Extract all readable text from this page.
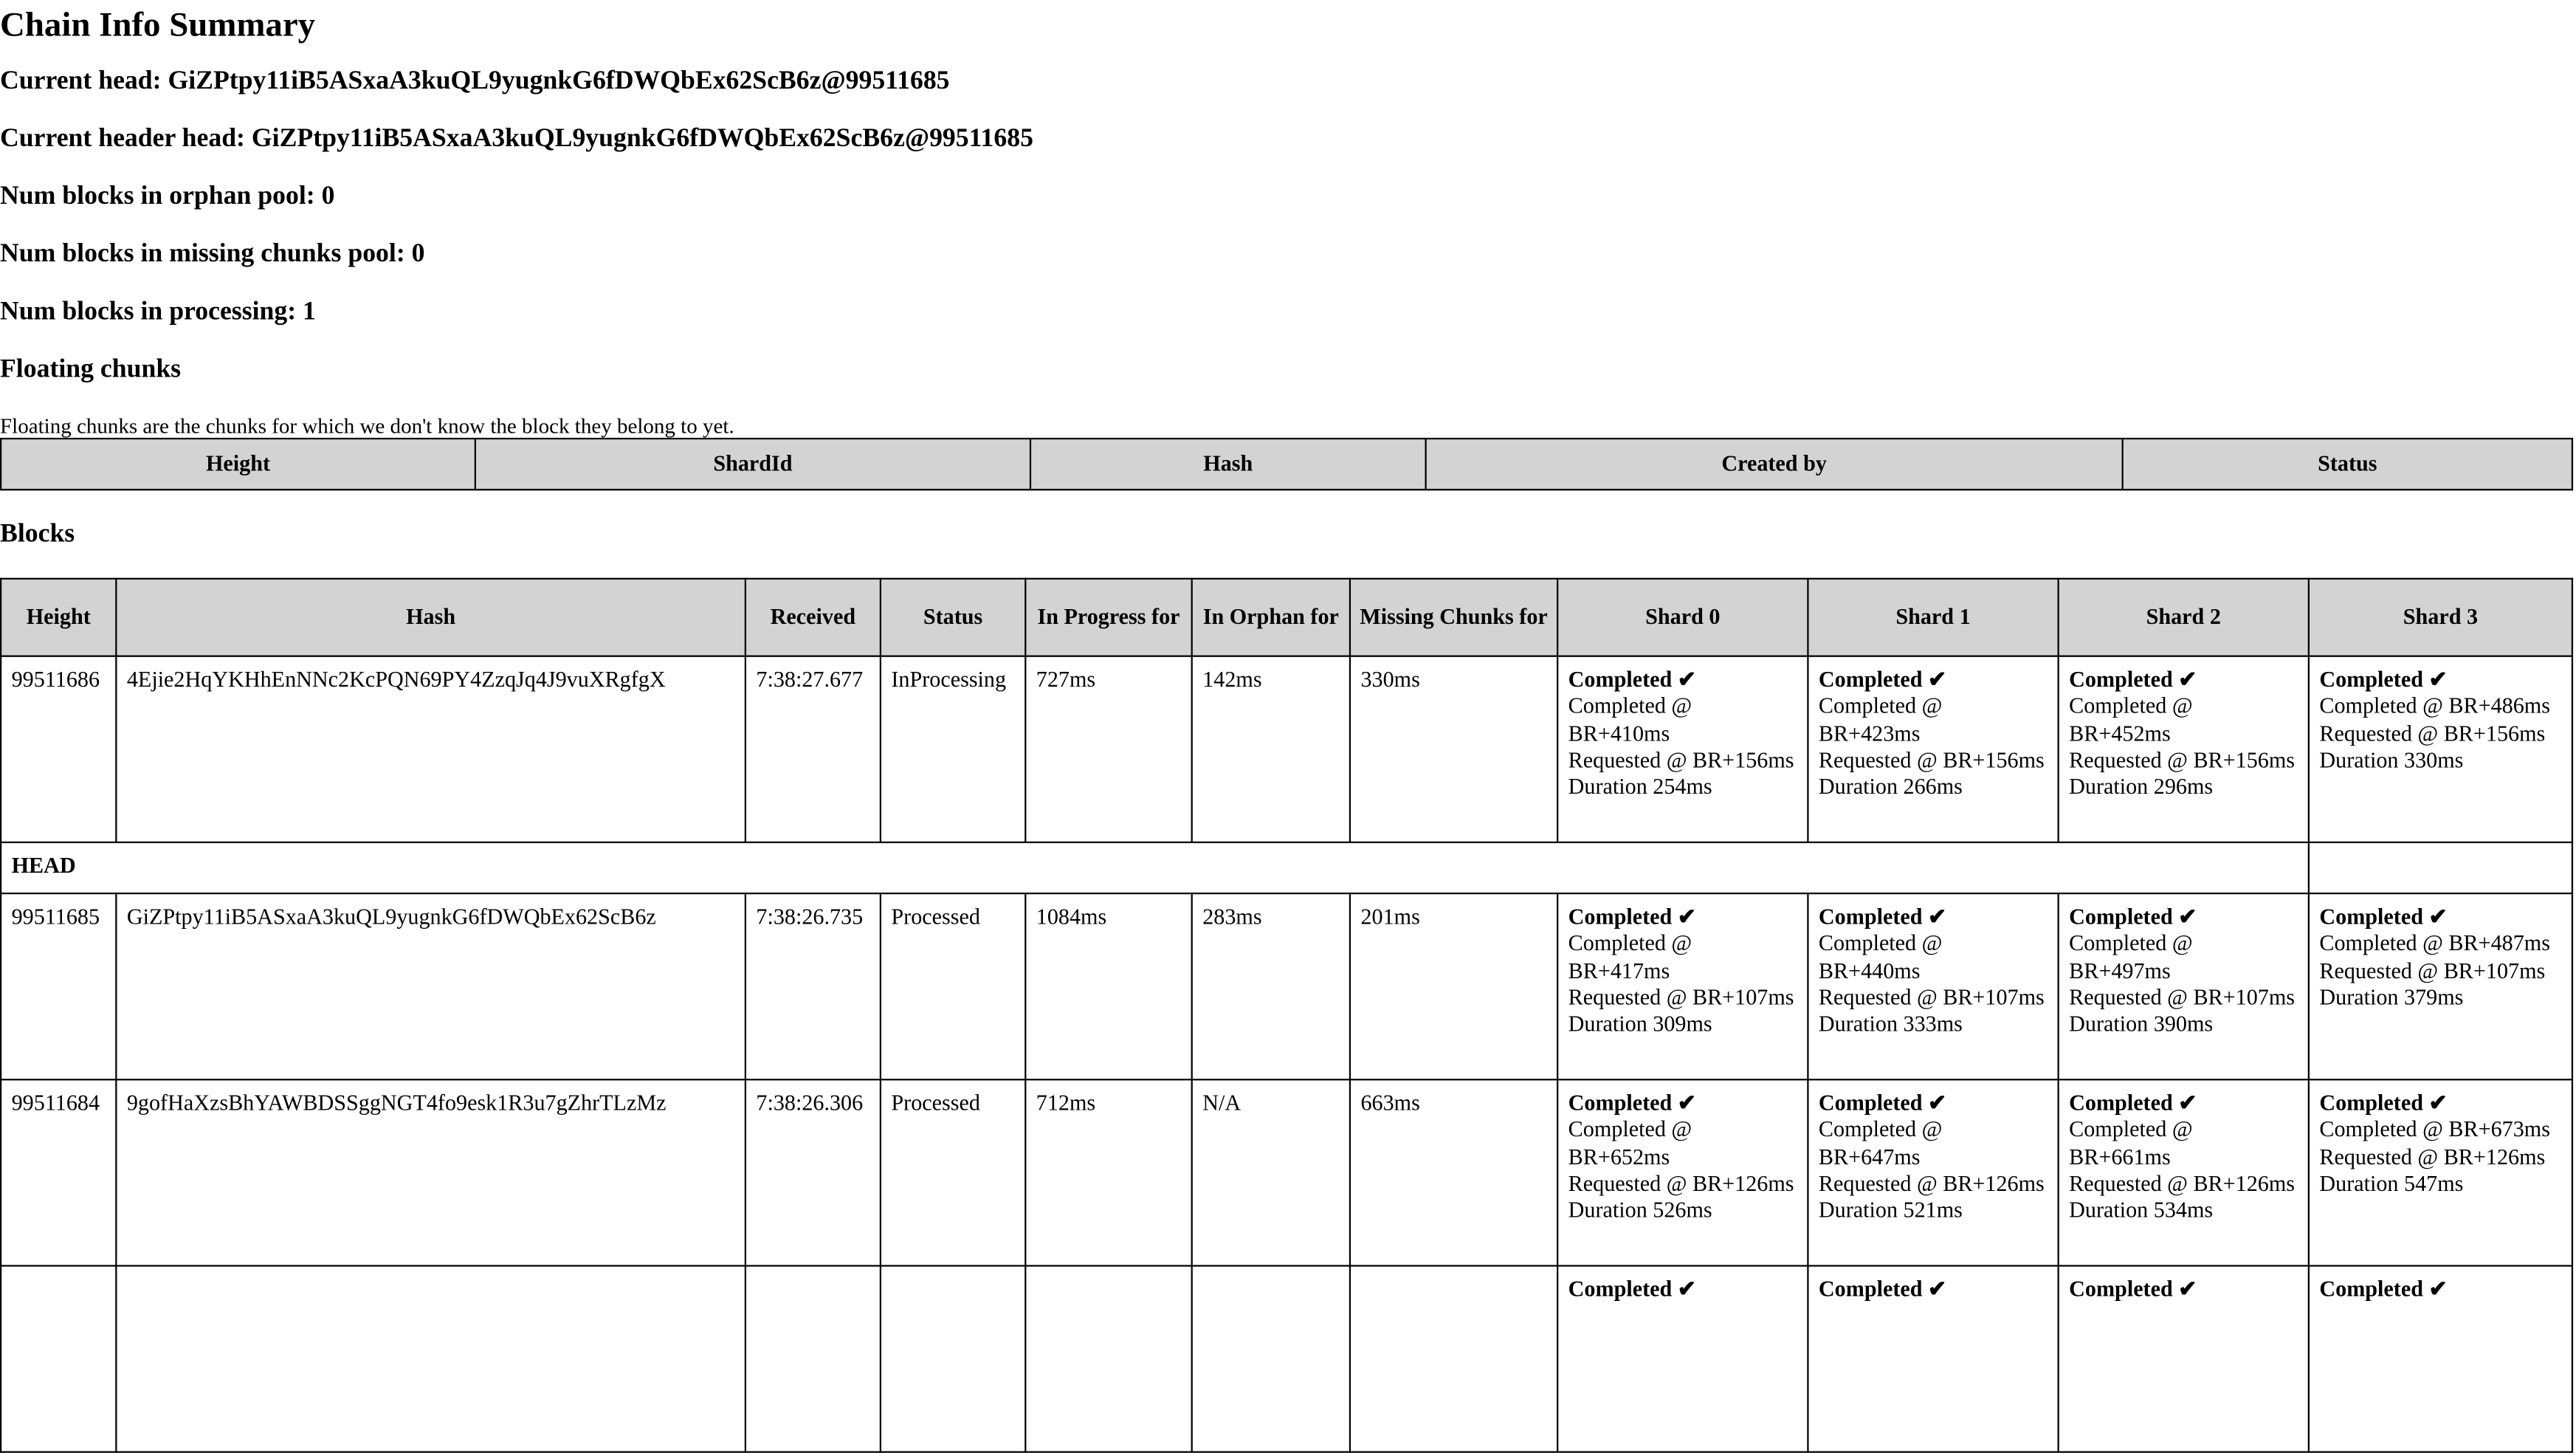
Chain Info Summary
Current head: GiZPtpy11iB5ASxaA3kuQL9yugnkG6fDWQbEx62ScB6z@99511685
Current header head: GiZPtpy11iB5ASxaA3kuQL9yugnkG6fDWQbEx62ScB6z@99511685
Num blocks in orphan pool: 0
Num blocks in missing chunks pool: 0
Num blocks in processing: 1
Floating chunks

Floating chunks are the chunks for which we don't know the block they belong to yet.

Height	ShardId	Hash	Created by	Status
Blocks
Height	Hash	Received	Status	In Progress for	In Orphan for	Missing Chunks for	Shard 0	Shard 1	Shard 2	Shard 3
99511686	4Ejie2HqYKHhEnNNc2KcPQN69PY4ZzqJq4J9vuXRgfgX	7:38:27.677	InProcessing	727ms	142ms	330ms	Completed ✔
Completed @ BR+410ms
Requested @ BR+156ms
Duration 254ms	Completed ✔
Completed @ BR+423ms
Requested @ BR+156ms
Duration 266ms	Completed ✔
Completed @ BR+452ms
Requested @ BR+156ms
Duration 296ms	Completed ✔
Completed @ BR+486ms
Requested @ BR+156ms
Duration 330ms

HEAD										
99511685	GiZPtpy11iB5ASxaA3kuQL9yugnkG6fDWQbEx62ScB6z	7:38:26.735	Processed	1084ms	283ms	201ms	Completed ✔
Completed @ BR+417ms
Requested @ BR+107ms
Duration 309ms	Completed ✔
Completed @ BR+440ms
Requested @ BR+107ms
Duration 333ms	Completed ✔
Completed @ BR+497ms
Requested @ BR+107ms
Duration 390ms	Completed ✔
Completed @ BR+487ms
Requested @ BR+107ms
Duration 379ms

99511684	9gofHaXzsBhYAWBDSSggNGT4fo9esk1R3u7gZhrTLzMz	7:38:26.306	Processed	712ms	N/A	663ms	Completed ✔
Completed @ BR+652ms
Requested @ BR+126ms
Duration 526ms	Completed ✔
Completed @ BR+647ms
Requested @ BR+126ms
Duration 521ms	Completed ✔
Completed @ BR+661ms
Requested @ BR+126ms
Duration 534ms	Completed ✔
Completed @ BR+673ms
Requested @ BR+126ms
Duration 547ms

							Completed ✔	Completed ✔	Completed ✔	Completed ✔
